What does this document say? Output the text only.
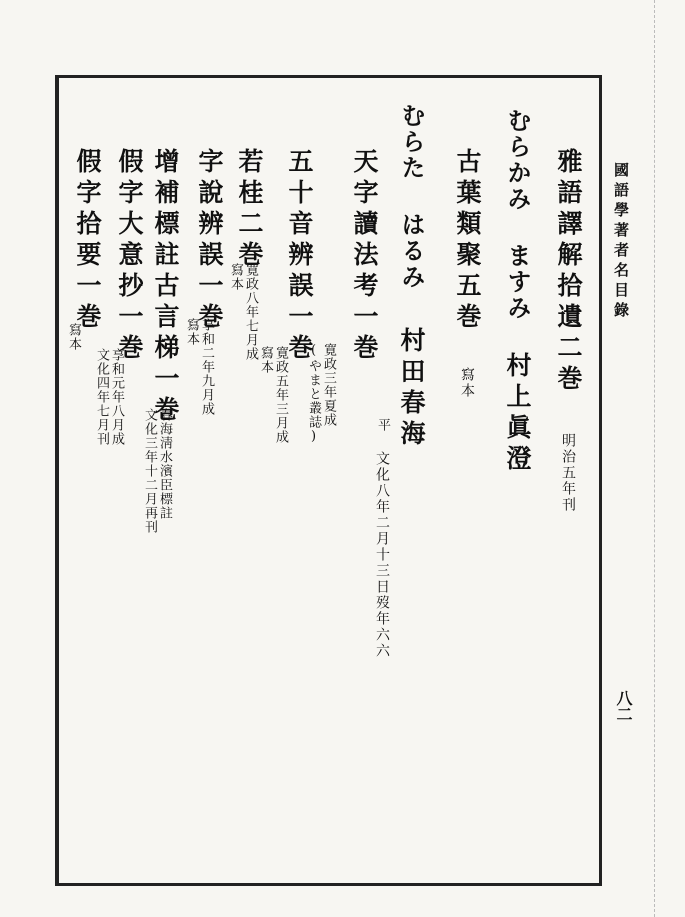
國語學著者名目錄
八二
雅語譯解拾遺二巻 明治五年刊
むらかみ ますみ 村上眞澄
古葉類聚五巻 寫本
むらた はるみ 村田春海
平 文化八年二月十三日歿年六六
天字讀法考一巻
寛政三年夏成
(やまと叢誌)
五十音辨誤一巻
寛政五年三月成
寫本
若桂二巻
寛政八年七月成
寫本
字說辨誤一巻
享和二年九月成
寫本
增補標註古言梯一巻
春海淸水濱臣標註
文化三年十二月再刊
假字大意抄一巻
享和元年八月成
文化四年七月刊
假字拾要一巻
寫本
